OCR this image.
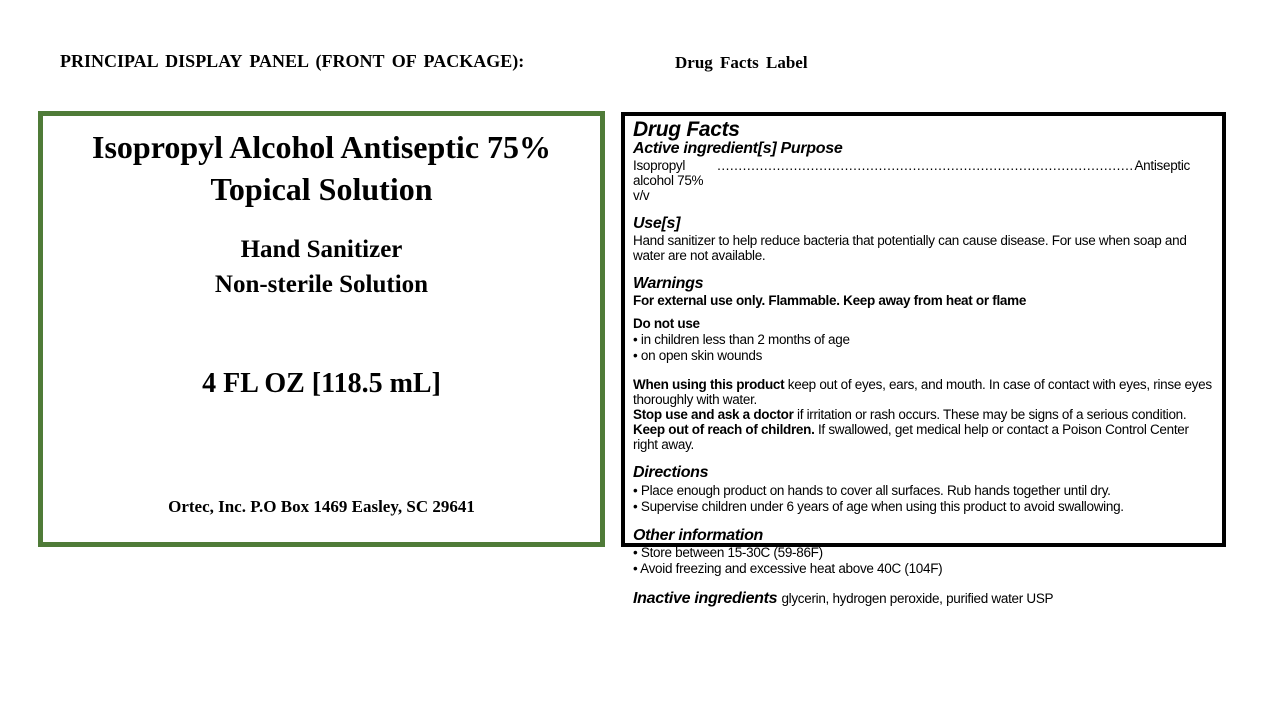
PRINCIPAL DISPLAY PANEL (FRONT OF PACKAGE):	Drug Facts Label
Isopropyl Alcohol Antiseptic 75%
Topical Solution
Hand Sanitizer
Non-sterile Solution
4 FL OZ [118.5 mL]
Ortec, Inc. P.O Box 1469 Easley, SC 29641
Drug Facts
Active ingredient[s] Purpose
Isopropyl alcohol 75% v/v
.....
Antiseptic
Use[s]
Hand sanitizer to help reduce bacteria that potentially can cause disease. For use when soap and water are not available.
Warnings
For external use only. Flammable. Keep away from heat or flame
Do not use
• in children less than 2 months of age
• on open skin wounds
When using this product keep out of eyes, ears, and mouth. In case of contact with eyes, rinse eyes thoroughly with water.
Stop use and ask a doctor if irritation or rash occurs. These may be signs of a serious condition.
Keep out of reach of children. If swallowed, get medical help or contact a Poison Control Center right away.
Directions
• Place enough product on hands to cover all surfaces. Rub hands together until dry.
• Supervise children under 6 years of age when using this product to avoid swallowing.
Other information
• Store between 15-30C (59-86F)
• Avoid freezing and excessive heat above 40C (104F)
Inactive ingredients glycerin, hydrogen peroxide, purified water USP
